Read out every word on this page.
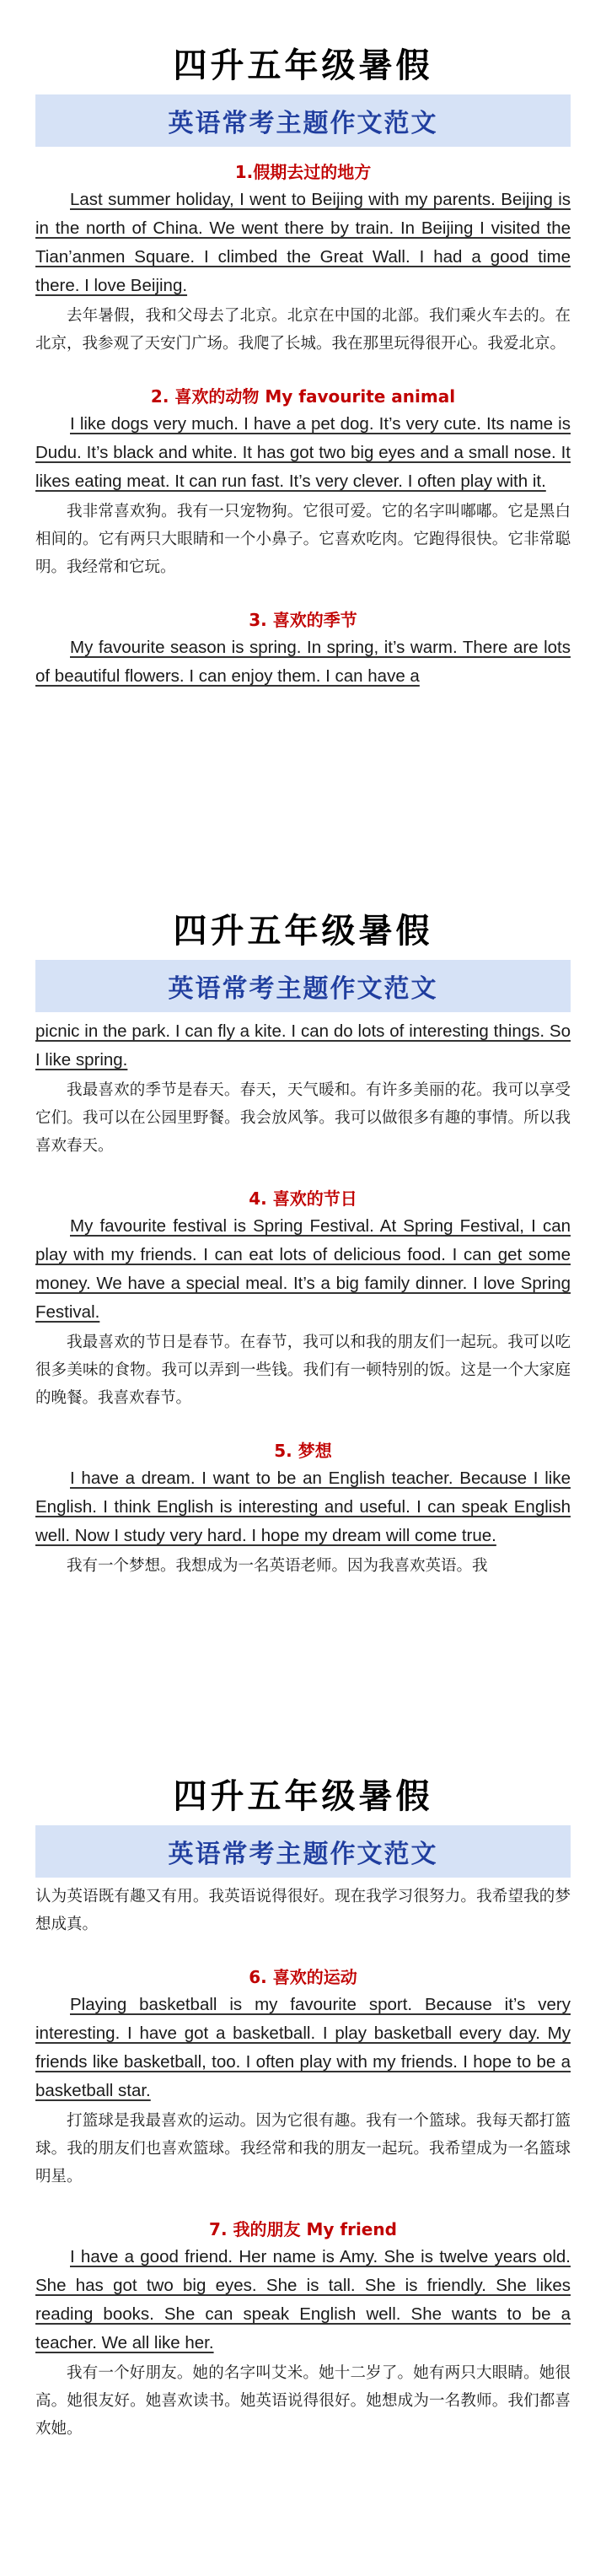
四升五年级暑假
英语常考主题作文范文
1.假期去过的地方
Last summer holiday, I went to Beijing with my parents. Beijing is in the north of China. We went there by train. In Beijing I visited the Tian’anmen Square. I climbed the Great Wall. I had a good time there. I love Beijing.
去年暑假，我和父母去了北京。北京在中国的北部。我们乘火车去的。在北京，我参观了天安门广场。我爬了长城。我在那里玩得很开心。我爱北京。
2. 喜欢的动物 My favourite animal
I like dogs very much. I have a pet dog. It’s very cute. Its name is Dudu. It’s black and white. It has got two big eyes and a small nose. It likes eating meat. It can run fast. It’s very clever. I often play with it.
我非常喜欢狗。我有一只宠物狗。它很可爱。它的名字叫嘟嘟。它是黑白相间的。它有两只大眼睛和一个小鼻子。它喜欢吃肉。它跑得很快。它非常聪明。我经常和它玩。
3. 喜欢的季节
My favourite season is spring. In spring, it’s warm. There are lots of beautiful flowers. I can enjoy them. I can have a
四升五年级暑假
英语常考主题作文范文
picnic in the park. I can fly a kite. I can do lots of interesting things. So I like spring.
我最喜欢的季节是春天。春天，天气暖和。有许多美丽的花。我可以享受它们。我可以在公园里野餐。我会放风筝。我可以做很多有趣的事情。所以我喜欢春天。
4. 喜欢的节日
My favourite festival is Spring Festival. At Spring Festival, I can play with my friends. I can eat lots of delicious food. I can get some money. We have a special meal. It’s a big family dinner. I love Spring Festival.
我最喜欢的节日是春节。在春节，我可以和我的朋友们一起玩。我可以吃很多美味的食物。我可以弄到一些钱。我们有一顿特别的饭。这是一个大家庭的晚餐。我喜欢春节。
5. 梦想
I have a dream. I want to be an English teacher. Because I like English. I think English is interesting and useful. I can speak English well. Now I study very hard. I hope my dream will come true.
我有一个梦想。我想成为一名英语老师。因为我喜欢英语。我
四升五年级暑假
英语常考主题作文范文
认为英语既有趣又有用。我英语说得很好。现在我学习很努力。我希望我的梦想成真。
6. 喜欢的运动
Playing basketball is my favourite sport. Because it’s very interesting. I have got a basketball. I play basketball every day. My friends like basketball, too. I often play with my friends. I hope to be a basketball star.
打篮球是我最喜欢的运动。因为它很有趣。我有一个篮球。我每天都打篮球。我的朋友们也喜欢篮球。我经常和我的朋友一起玩。我希望成为一名篮球明星。
7. 我的朋友 My friend
I have a good friend. Her name is Amy. She is twelve years old. She has got two big eyes. She is tall. She is friendly. She likes reading books. She can speak English well. She wants to be a teacher. We all like her.
我有一个好朋友。她的名字叫艾米。她十二岁了。她有两只大眼睛。她很高。她很友好。她喜欢读书。她英语说得很好。她想成为一名教师。我们都喜欢她。
